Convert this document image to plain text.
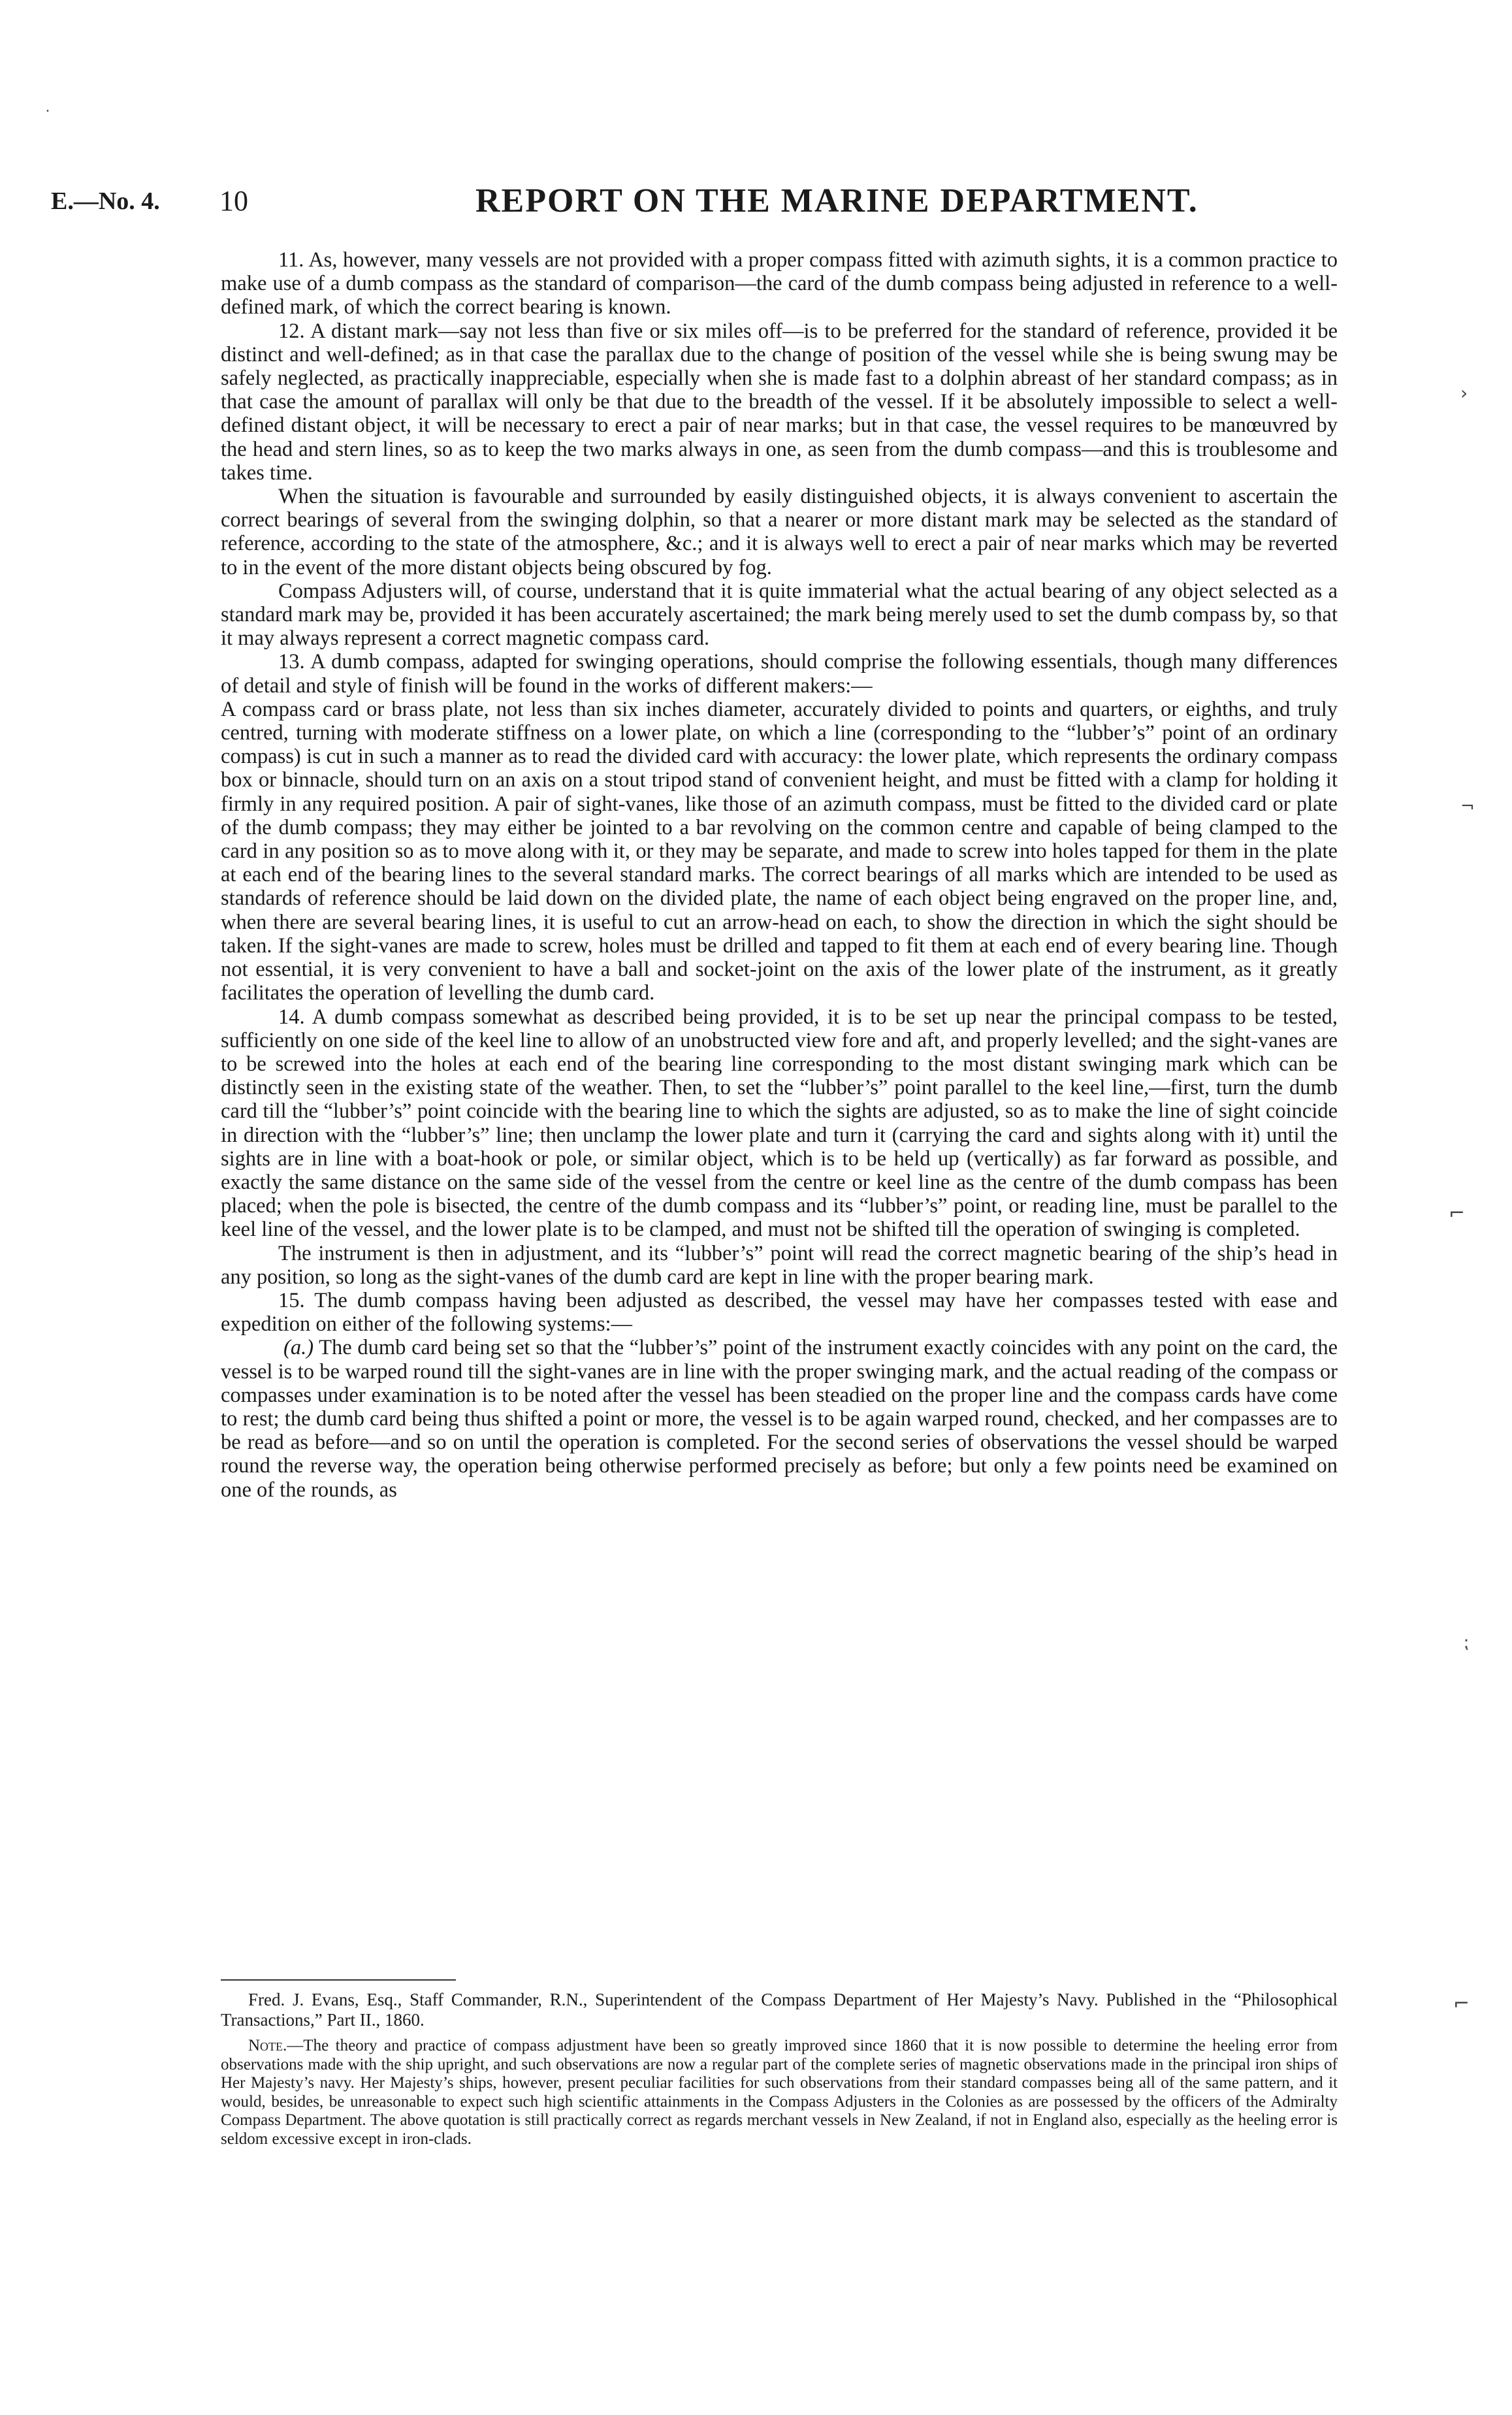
E.—No. 4. 10	REPORT ON THE MARINE DEPARTMENT.

11. As, however, many vessels are not provided with a proper compass fitted with azimuth sights, it is a common practice to make use of a dumb compass as the standard of comparison—the card of the dumb compass being adjusted in reference to a well-defined mark, of which the correct bearing is known.

12. A distant mark—say not less than five or six miles off—is to be preferred for the standard of reference, provided it be distinct and well-defined; as in that case the parallax due to the change of position of the vessel while she is being swung may be safely neglected, as practically inappreciable, especially when she is made fast to a dolphin abreast of her standard compass; as in that case the amount of parallax will only be that due to the breadth of the vessel. If it be absolutely impossible to select a well-defined distant object, it will be necessary to erect a pair of near marks; but in that case, the vessel requires to be manœuvred by the head and stern lines, so as to keep the two marks always in one, as seen from the dumb compass—and this is troublesome and takes time.

When the situation is favourable and surrounded by easily distinguished objects, it is always convenient to ascertain the correct bearings of several from the swinging dolphin, so that a nearer or more distant mark may be selected as the standard of reference, according to the state of the atmosphere, &c.; and it is always well to erect a pair of near marks which may be reverted to in the event of the more distant objects being obscured by fog.

Compass Adjusters will, of course, understand that it is quite immaterial what the actual bearing of any object selected as a standard mark may be, provided it has been accurately ascertained; the mark being merely used to set the dumb compass by, so that it may always represent a correct magnetic compass card.

13. A dumb compass, adapted for swinging operations, should comprise the following essentials, though many differences of detail and style of finish will be found in the works of different makers:—

A compass card or brass plate, not less than six inches diameter, accurately divided to points and quarters, or eighths, and truly centred, turning with moderate stiffness on a lower plate, on which a line (corresponding to the “lubber’s” point of an ordinary compass) is cut in such a manner as to read the divided card with accuracy: the lower plate, which represents the ordinary compass box or binnacle, should turn on an axis on a stout tripod stand of convenient height, and must be fitted with a clamp for holding it firmly in any required position. A pair of sight-vanes, like those of an azimuth compass, must be fitted to the divided card or plate of the dumb compass; they may either be jointed to a bar revolving on the common centre and capable of being clamped to the card in any position so as to move along with it, or they may be separate, and made to screw into holes tapped for them in the plate at each end of the bearing lines to the several standard marks. The correct bearings of all marks which are intended to be used as standards of reference should be laid down on the divided plate, the name of each object being engraved on the proper line, and, when there are several bearing lines, it is useful to cut an arrow-head on each, to show the direction in which the sight should be taken. If the sight-vanes are made to screw, holes must be drilled and tapped to fit them at each end of every bearing line. Though not essential, it is very convenient to have a ball and socket-joint on the axis of the lower plate of the instrument, as it greatly facilitates the operation of levelling the dumb card.

14. A dumb compass somewhat as described being provided, it is to be set up near the principal compass to be tested, sufficiently on one side of the keel line to allow of an unobstructed view fore and aft, and properly levelled; and the sight-vanes are to be screwed into the holes at each end of the bearing line corresponding to the most distant swinging mark which can be distinctly seen in the existing state of the weather. Then, to set the “lubber’s” point parallel to the keel line,—first, turn the dumb card till the “lubber’s” point coincide with the bearing line to which the sights are adjusted, so as to make the line of sight coincide in direction with the “lubber’s” line; then unclamp the lower plate and turn it (carrying the card and sights along with it) until the sights are in line with a boat-hook or pole, or similar object, which is to be held up (vertically) as far forward as possible, and exactly the same distance on the same side of the vessel from the centre or keel line as the centre of the dumb compass has been placed; when the pole is bisected, the centre of the dumb compass and its “lubber’s” point, or reading line, must be parallel to the keel line of the vessel, and the lower plate is to be clamped, and must not be shifted till the operation of swinging is completed.

The instrument is then in adjustment, and its “lubber’s” point will read the correct magnetic bearing of the ship’s head in any position, so long as the sight-vanes of the dumb card are kept in line with the proper bearing mark.

15. The dumb compass having been adjusted as described, the vessel may have her compasses tested with ease and expedition on either of the following systems:—

(a.) The dumb card being set so that the “lubber’s” point of the instrument exactly coincides with any point on the card, the vessel is to be warped round till the sight-vanes are in line with the proper swinging mark, and the actual reading of the compass or compasses under examination is to be noted after the vessel has been steadied on the proper line and the compass cards have come to rest; the dumb card being thus shifted a point or more, the vessel is to be again warped round, checked, and her compasses are to be read as before—and so on until the operation is completed. For the second series of observations the vessel should be warped round the reverse way, the operation being otherwise performed precisely as before; but only a few points need be examined on one of the rounds, as

Fred. J. Evans, Esq., Staff Commander, R.N., Superintendent of the Compass Department of Her Majesty’s Navy. Published in the “Philosophical Transactions,” Part II., 1860.

Note.—The theory and practice of compass adjustment have been so greatly improved since 1860 that it is now possible to determine the heeling error from observations made with the ship upright, and such observations are now a regular part of the complete series of magnetic observations made in the principal iron ships of Her Majesty’s navy. Her Majesty’s ships, however, present peculiar facilities for such observations from their standard compasses being all of the same pattern, and it would, besides, be unreasonable to expect such high scientific attainments in the Compass Adjusters in the Colonies as are possessed by the officers of the Admiralty Compass Department. The above quotation is still practically correct as regards merchant vessels in New Zealand, if not in England also, especially as the heeling error is seldom excessive except in iron-clads.

•
›
¬
⌐
⁏
⌐
